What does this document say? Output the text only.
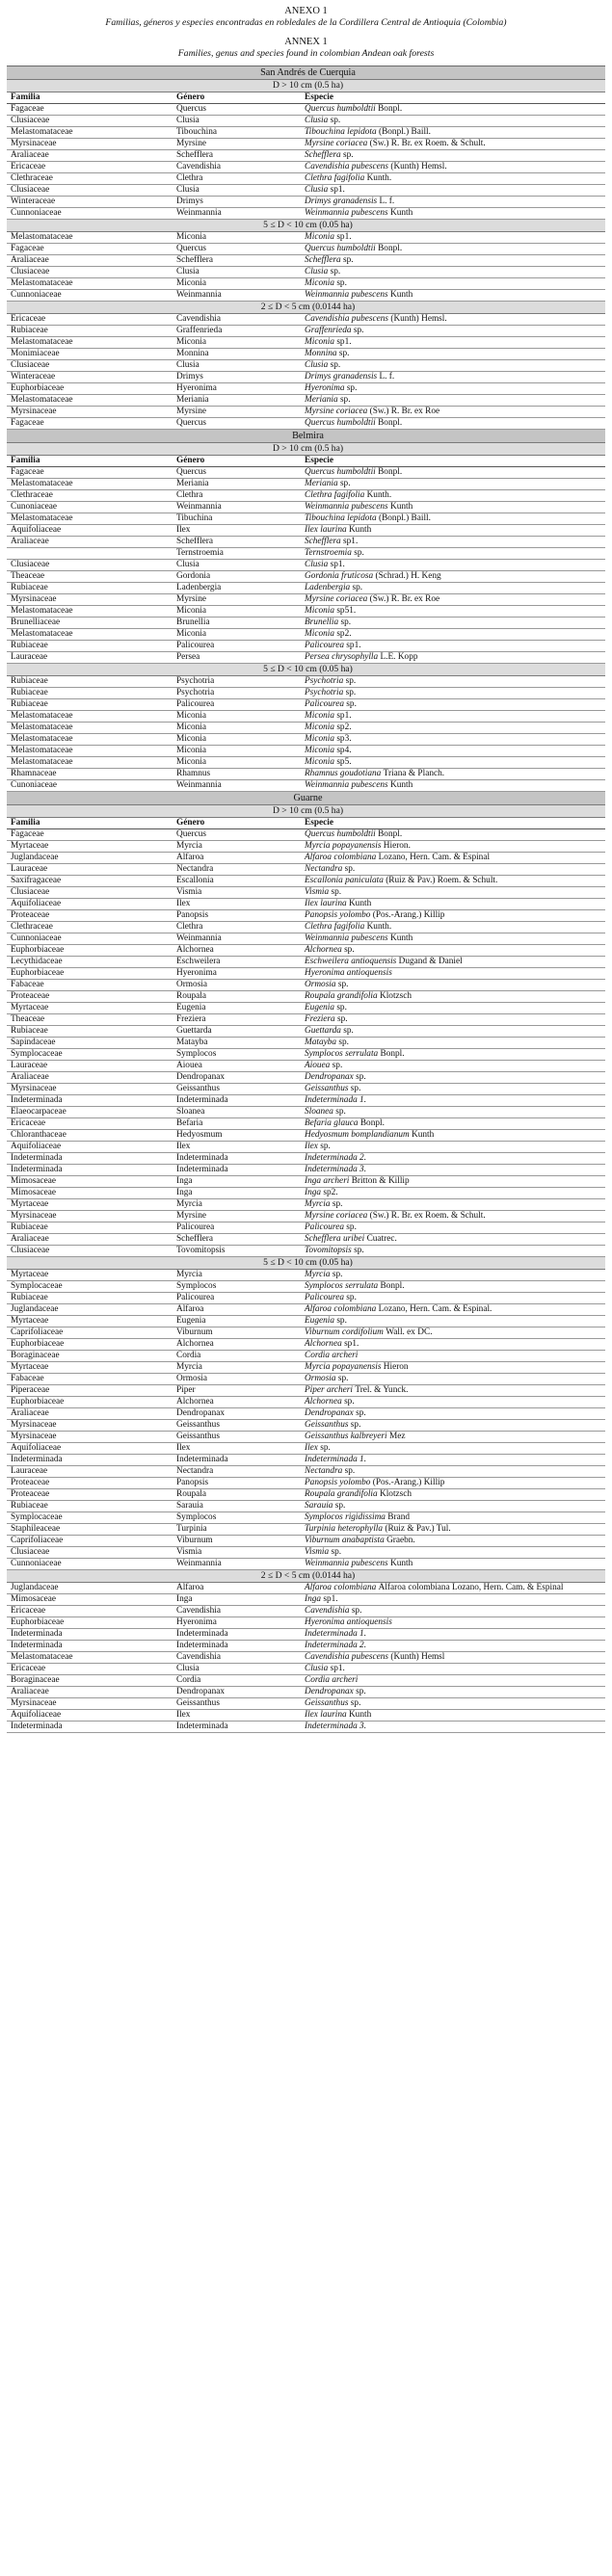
ANEXO 1
Familias, géneros y especies encontradas en robledales de la Cordillera Central de Antioquia (Colombia)
ANNEX 1
Families, genus and species found in colombian Andean oak forests
San Andrés de Cuerquia		
D > 10 cm (0.5 ha)		
Familia	Género	Especie
Fagaceae	Quercus	Quercus humboldtii Bonpl.
Clusiaceae	Clusia	Clusia sp.
Melastomataceae	Tibouchina	Tibouchina lepidota (Bonpl.) Baill.
Myrsinaceae	Myrsine	Myrsine coriacea (Sw.) R. Br. ex Roem. & Schult.
Araliaceae	Schefflera	Schefflera sp.
Ericaceae	Cavendishia	Cavendishia pubescens (Kunth) Hemsl.
Clethraceae	Clethra	Clethra fagifolia Kunth.
Clusiaceae	Clusia	Clusia sp1.
Winteraceae	Drimys	Drimys granadensis L. f.
Cunnoniaceae	Weinmannia	Weinmannia pubescens Kunth
5 ≤ D < 10 cm (0.05 ha)		
Melastomataceae	Miconia	Miconia sp1.
Fagaceae	Quercus	Quercus humboldtii Bonpl.
Araliaceae	Schefflera	Schefflera sp.
Clusiaceae	Clusia	Clusia sp.
Melastomataceae	Miconia	Miconia sp.
Cunnoniaceae	Weinmannia	Weinmannia pubescens Kunth
2 ≤ D < 5 cm (0.0144 ha)		
Ericaceae	Cavendishia	Cavendishia pubescens (Kunth) Hemsl.
Rubiaceae	Graffenrieda	Graffenrieda sp.
Melastomataceae	Miconia	Miconia sp1.
Monimiaceae	Monnina	Monnina sp.
Clusiaceae	Clusia	Clusia sp.
Winteraceae	Drimys	Drimys granadensis L. f.
Euphorbiaceae	Hyeronima	Hyeronima sp.
Melastomataceae	Meriania	Meriania sp.
Myrsinaceae	Myrsine	Myrsine coriacea (Sw.) R. Br. ex Roe
Fagaceae	Quercus	Quercus humboldtii Bonpl.
Belmira		
D > 10 cm (0.5 ha)		
Familia	Género	Especie
Fagaceae	Quercus	Quercus humboldtii Bonpl.
Melastomataceae	Meriania	Meriania sp.
Clethraceae	Clethra	Clethra fagifolia Kunth.
Cunoniaceae	Weinmannia	Weinmannia pubescens Kunth
Melastomataceae	Tibuchina	Tibouchina lepidota (Bonpl.) Baill.
Aquifoliaceae	Ilex	Ilex laurina Kunth
Araliaceae	Schefflera	Schefflera sp1.
	Ternstroemia	Ternstroemia sp.
Clusiaceae	Clusia	Clusia sp1.
Theaceae	Gordonia	Gordonia fruticosa (Schrad.) H. Keng
Rubiaceae	Ladenbergia	Ladenbergia sp.
Myrsinaceae	Myrsine	Myrsine coriacea (Sw.) R. Br. ex Roe
Melastomataceae	Miconia	Miconia sp51.
Brunelliaceae	Brunellia	Brunellia sp.
Melastomataceae	Miconia	Miconia sp2.
Rubiaceae	Palicourea	Palicourea sp1.
Lauraceae	Persea	Persea chrysophylla L.E. Kopp
5 ≤ D < 10 cm (0.05 ha)		
Rubiaceae	Psychotria	Psychotria sp.
Rubiaceae	Psychotria	Psychotria sp.
Rubiaceae	Palicourea	Palicourea sp.
Melastomataceae	Miconia	Miconia sp1.
Melastomataceae	Miconia	Miconia sp2.
Melastomataceae	Miconia	Miconia sp3.
Melastomataceae	Miconia	Miconia sp4.
Melastomataceae	Miconia	Miconia sp5.
Rhamnaceae	Rhamnus	Rhamnus goudotiana Triana & Planch.
Cunoniaceae	Weinmannia	Weinmannia pubescens Kunth
Guarne		
D > 10 cm (0.5 ha)		
Familia	Género	Especie
Fagaceae	Quercus	Quercus humboldtii Bonpl.
Myrtaceae	Myrcia	Myrcia popayanensis Hieron.
Juglandaceae	Alfaroa	Alfaroa colombiana Lozano, Hern. Cam. & Espinal
Lauraceae	Nectandra	Nectandra sp.
Saxifragaceae	Escallonia	Escallonia paniculata (Ruiz & Pav.) Roem. & Schult.
Clusiaceae	Vismia	Vismia sp.
Aquifoliaceae	Ilex	Ilex laurina Kunth
Proteaceae	Panopsis	Panopsis yolombo (Pos.-Arang.) Killip
Clethraceae	Clethra	Clethra fagifolia Kunth.
Cunnoniaceae	Weinmannia	Weinmannia pubescens Kunth
Euphorbiaceae	Alchornea	Alchornea sp.
Lecythidaceae	Eschweilera	Eschweilera antioquensis Dugand & Daniel
Euphorbiaceae	Hyeronima	Hyeronima antioquensis
Fabaceae	Ormosia	Ormosia sp.
Proteaceae	Roupala	Roupala grandifolia Klotzsch
Myrtaceae	Eugenia	Eugenia sp.
Theaceae	Freziera	Freziera sp.
Rubiaceae	Guettarda	Guettarda sp.
Sapindaceae	Matayba	Matayba sp.
Symplocaceae	Symplocos	Symplocos serrulata Bonpl.
Lauraceae	Aiouea	Aiouea sp.
Araliaceae	Dendropanax	Dendropanax sp.
Myrsinaceae	Geissanthus	Geissanthus sp.
Indeterminada	Indeterminada	Indeterminada 1.
Elaeocarpaceae	Sloanea	Sloanea sp.
Ericaceae	Befaria	Befaria glauca Bonpl.
Chloranthaceae	Hedyosmum	Hedyosmum bomplandianum Kunth
Aquifoliaceae	Ilex	Ilex sp.
Indeterminada	Indeterminada	Indeterminada 2.
Indeterminada	Indeterminada	Indeterminada 3.
Mimosaceae	Inga	Inga archeri Britton & Killip
Mimosaceae	Inga	Inga sp2.
Myrtaceae	Myrcia	Myrcia sp.
Myrsinaceae	Myrsine	Myrsine coriacea (Sw.) R. Br. ex Roem. & Schult.
Rubiaceae	Palicourea	Palicourea sp.
Araliaceae	Schefflera	Schefflera uribei Cuatrec.
Clusiaceae	Tovomitopsis	Tovomitopsis sp.
5 ≤ D < 10 cm (0.05 ha)		
Myrtaceae	Myrcia	Myrcia sp.
Symplocaceae	Symplocos	Symplocos serrulata Bonpl.
Rubiaceae	Palicourea	Palicourea sp.
Juglandaceae	Alfaroa	Alfaroa colombiana Lozano, Hern. Cam. & Espinal.
Myrtaceae	Eugenia	Eugenia sp.
Caprifoliaceae	Viburnum	Viburnum cordifolium Wall. ex DC.
Euphorbiaceae	Alchornea	Alchornea sp1.
Boraginaceae	Cordia	Cordia archeri
Myrtaceae	Myrcia	Myrcia popayanensis Hieron
Fabaceae	Ormosia	Ormosia sp.
Piperaceae	Piper	Piper archeri Trel. & Yunck.
Euphorbiaceae	Alchornea	Alchornea sp.
Araliaceae	Dendropanax	Dendropanax sp.
Myrsinaceae	Geissanthus	Geissanthus sp.
Myrsinaceae	Geissanthus	Geissanthus kalbreyeri Mez
Aquifoliaceae	Ilex	Ilex sp.
Indeterminada	Indeterminada	Indeterminada 1.
Lauraceae	Nectandra	Nectandra sp.
Proteaceae	Panopsis	Panopsis yolombo (Pos.-Arang.) Killip
Proteaceae	Roupala	Roupala grandifolia Klotzsch
Rubiaceae	Sarauia	Sarauia sp.
Symplocaceae	Symplocos	Symplocos rigidissima Brand
Staphileaceae	Turpinia	Turpinia heterophylla (Ruiz & Pav.) Tul.
Caprifoliaceae	Viburnum	Viburnum anabaptista Graebn.
Clusiaceae	Vismia	Vismia sp.
Cunnoniaceae	Weinmannia	Weinmannia pubescens Kunth
2 ≤ D < 5 cm (0.0144 ha)		
Juglandaceae	Alfaroa	Alfaroa colombiana Alfaroa colombiana Lozano, Hern. Cam. & Espinal
Mimosaceae	Inga	Inga sp1.
Ericaceae	Cavendishia	Cavendishia sp.
Euphorbiaceae	Hyeronima	Hyeronima antioquensis
Indeterminada	Indeterminada	Indeterminada 1.
Indeterminada	Indeterminada	Indeterminada 2.
Melastomataceae	Cavendishia	Cavendishia pubescens (Kunth) Hemsl
Ericaceae	Clusia	Clusia sp1.
Boraginaceae	Cordia	Cordia archeri
Araliaceae	Dendropanax	Dendropanax sp.
Myrsinaceae	Geissanthus	Geissanthus sp.
Aquifoliaceae	Ilex	Ilex laurina Kunth
Indeterminada	Indeterminada	Indeterminada 3.
